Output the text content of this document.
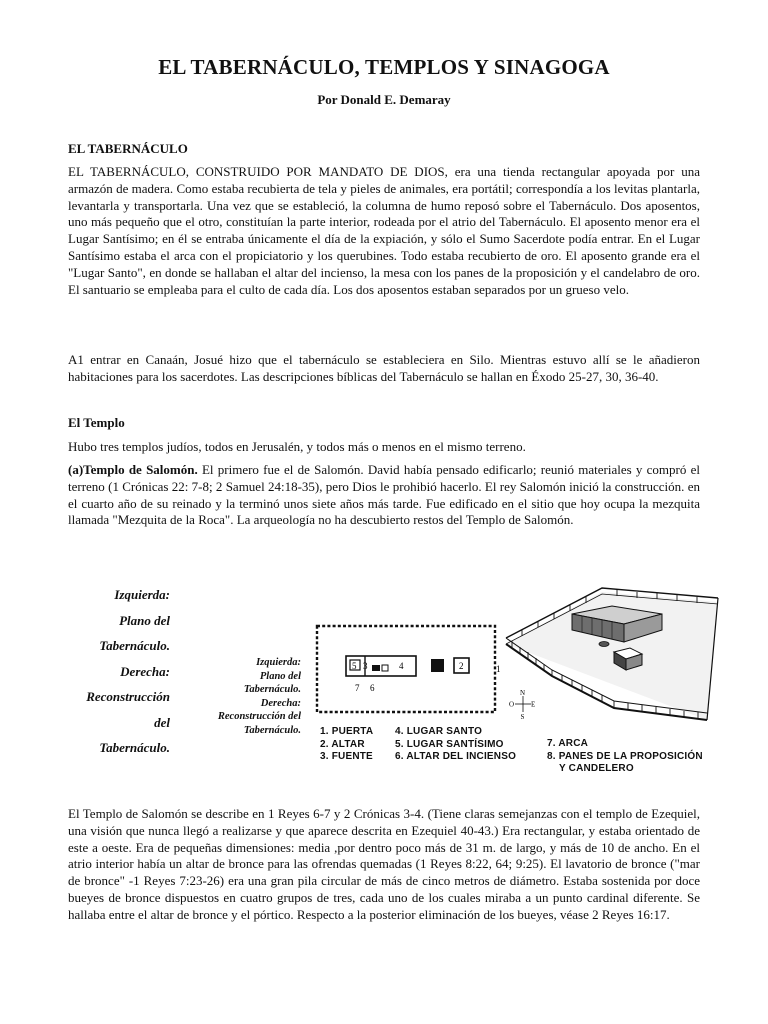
EL TABERNÁCULO, TEMPLOS Y SINAGOGA
Por Donald E. Demaray
EL TABERNÁCULO
EL TABERNÁCULO, CONSTRUIDO POR MANDATO DE DIOS, era una tienda rectangular apoyada por una armazón de madera. Como estaba recubierta de tela y pieles de animales, era portátil; correspondía a los levitas plantarla, levantarla y transportarla. Una vez que se estableció, la columna de humo reposó sobre el Tabernáculo. Dos aposentos, uno más pequeño que el otro, constituían la parte interior, rodeada por el atrio del Tabernáculo. El aposento menor era el Lugar Santísimo; en él se entraba únicamente el día de la expiación, y sólo el Sumo Sacerdote podía entrar. En el Lugar Santísimo estaba el arca con el propiciatorio y los querubines. Todo estaba recubierto de oro. El aposento grande era el "Lugar Santo", en donde se hallaban el altar del incienso, la mesa con los panes de la proposición y el candelabro de oro. El santuario se empleaba para el culto de cada día. Los dos aposentos estaban separados por un grueso velo.
A1 entrar en Canaán, Josué hizo que el tabernáculo se estableciera en Silo. Mientras estuvo allí se le añadieron habitaciones para los sacerdotes. Las descripciones bíblicas del Tabernáculo se hallan en Éxodo 25-27, 30, 36-40.
El Templo
Hubo tres templos judíos, todos en Jerusalén, y todos más o menos en el mismo terreno.
(a)Templo de Salomón. El primero fue el de Salomón. David había pensado edificarlo; reunió materiales y compró el terreno (1 Crónicas 22: 7-8; 2 Samuel 24:18-35), pero Dios le prohibió hacerlo. El rey Salomón inició la construcción. en el cuarto año de su reinado y la terminó unos siete años más tarde. Fue edificado en el sitio que hoy ocupa la mezquita llamada "Mezquita de la Roca". La arqueología no ha descubierto restos del Templo de Salomón.
Izquierda:
Plano del
Tabernáculo.
Derecha:
Reconstrucción
del
Tabernáculo.
Izquierda:
Plano del
Tabernáculo.
Derecha:
Reconstrucción del
Tabernáculo.
5 3	4	2
7 6
1
N
S
O E
1. PUERTA
2. ALTAR
3. FUENTE
4. LUGAR SANTO
5. LUGAR SANTÍSIMO
6. ALTAR DEL INCIENSO
7. ARCA
8. PANES DE LA PROPOSICIÓN
Y CANDELERO
El Templo de Salomón se describe en 1 Reyes 6-7 y 2 Crónicas 3-4. (Tiene claras semejanzas con el templo de Ezequiel, una visión que nunca llegó a realizarse y que aparece descrita en Ezequiel 40-43.) Era rectangular, y estaba orientado de este a oeste. Era de pequeñas dimensiones: media ,por dentro poco más de 31 m. de largo, y más de 10 de ancho. En el atrio interior había un altar de bronce para las ofrendas quemadas (1 Reyes 8:22, 64; 9:25). El lavatorio de bronce ("mar de bronce" -1 Reyes 7:23-26) era una gran pila circular de más de cinco metros de diámetro. Estaba sostenida por doce bueyes de bronce dispuestos en cuatro grupos de tres, cada uno de los cuales miraba a un punto cardinal diferente. Se hallaba entre el altar de bronce y el pórtico. Respecto a la posterior eliminación de los bueyes, véase 2 Reyes 16:17.
